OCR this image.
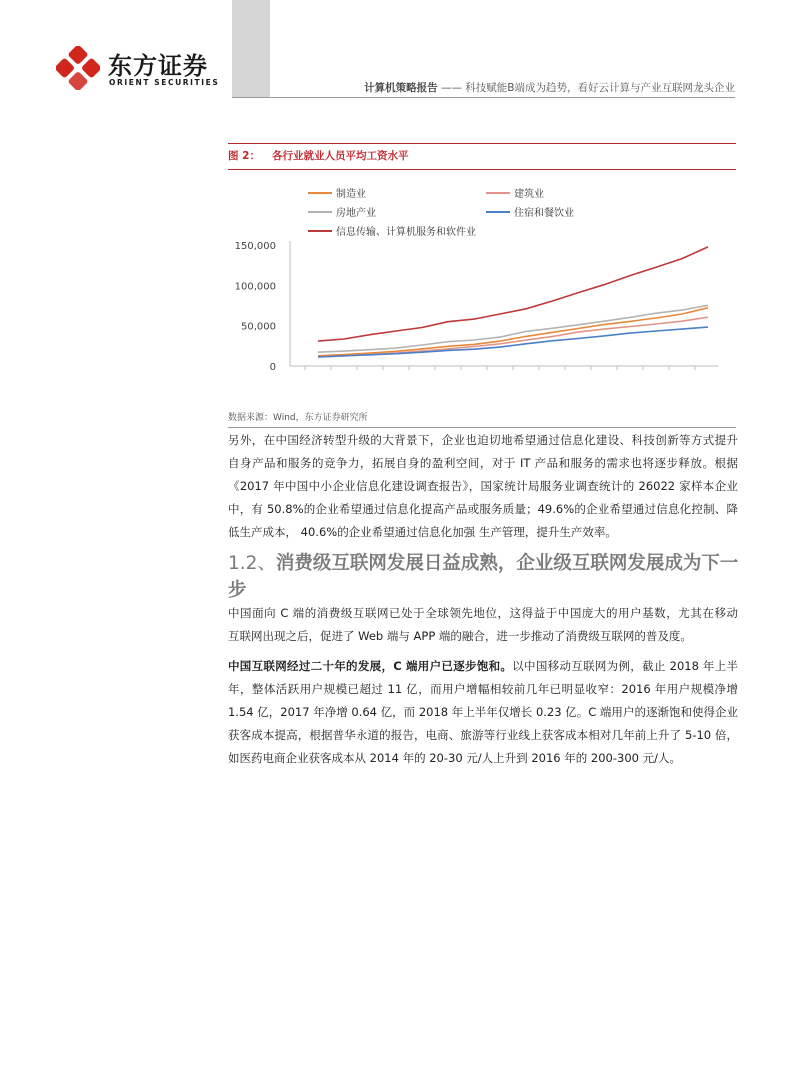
东方证券
ORIENT SECURITIES	计算机策略报告 —— 科技赋能B端成为趋势，看好云计算与产业互联网龙头企业
图 2： 各行业就业人员平均工资水平
0
50,000
100,000
150,000
制造业	建筑业
房地产业	住宿和餐饮业
信息传输、计算机服务和软件业
数据来源：Wind，东方证券研究所
另外，在中国经济转型升级的大背景下，企业也迫切地希望通过信息化建设、科技创新等方式提升
自身产品和服务的竞争力，拓展自身的盈利空间，对于 IT 产品和服务的需求也将逐步释放。根据
《2017 年中国中小企业信息化建设调查报告》，国家统计局服务业调查统计的 26022 家样本企业
中，有 50.8%的企业希望通过信息化提高产品或服务质量；49.6%的企业希望通过信息化控制、降
低生产成本， 40.6%的企业希望通过信息化加强 生产管理，提升生产效率。
1.2、消费级互联网发展日益成熟，企业级互联网发展成为下一
步
中国面向 C 端的消费级互联网已处于全球领先地位，这得益于中国庞大的用户基数，尤其在移动
互联网出现之后，促进了 Web 端与 APP 端的融合，进一步推动了消费级互联网的普及度。
中国互联网经过二十年的发展，C 端用户已逐步饱和。以中国移动互联网为例，截止 2018 年上半
年，整体活跃用户规模已超过 11 亿，而用户增幅相较前几年已明显收窄：2016 年用户规模净增
1.54 亿，2017 年净增 0.64 亿，而 2018 年上半年仅增长 0.23 亿。C 端用户的逐渐饱和使得企业
获客成本提高，根据普华永道的报告，电商、旅游等行业线上获客成本相对几年前上升了 5-10 倍，
如医药电商企业获客成本从 2014 年的 20-30 元/人上升到 2016 年的 200-300 元/人。
